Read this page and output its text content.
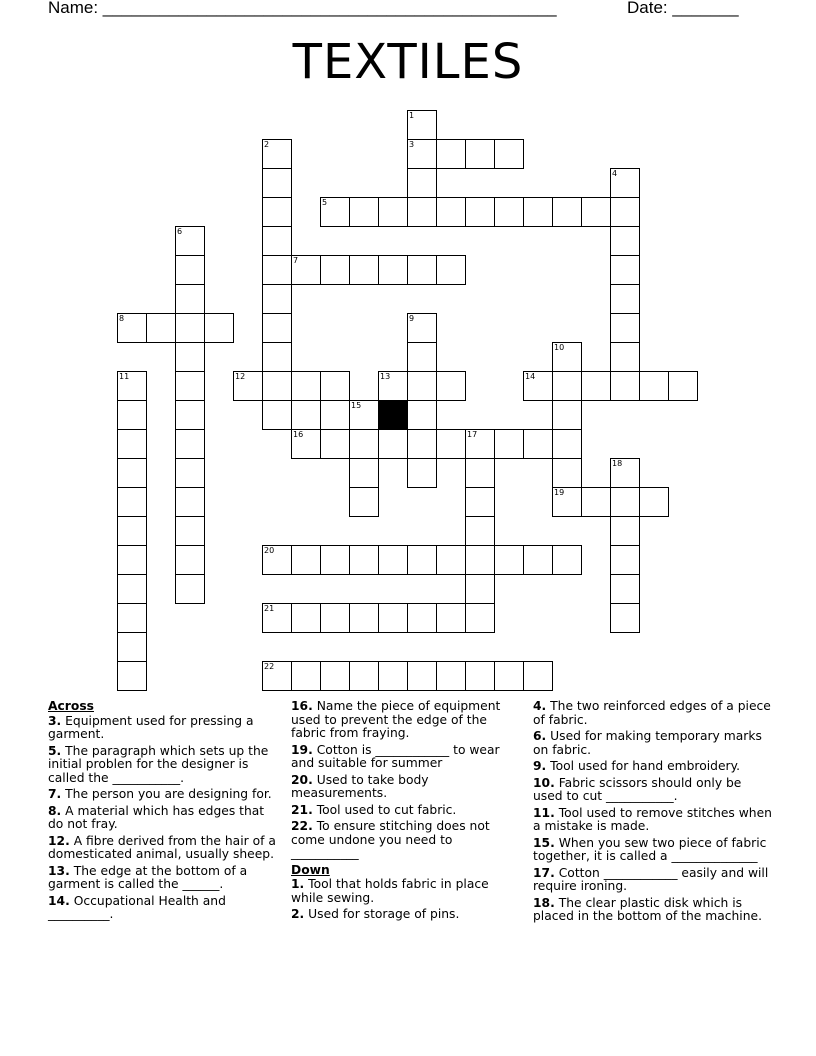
Name: ________________________________________________	Date: _______
TEXTILES
1
3
2
4
5
6
7
8	9
10
11	12	13	14
15
16	17
18
19
20
21
22
Across
3. Equipment used for pressing a garment.
5. The paragraph which sets up the initial problen for the designer is called the ___________.
7. The person you are designing for.
8. A material which has edges that do not fray.
12. A fibre derived from the hair of a domesticated animal, usually sheep.
13. The edge at the bottom of a garment is called the ______.
14. Occupational Health and __________.
16. Name the piece of equipment used to prevent the edge of the fabric from fraying.
19. Cotton is ____________ to wear and suitable for summer
20. Used to take body measurements.
21. Tool used to cut fabric.
22. To ensure stitching does not come undone you need to ___________
Down
1. Tool that holds fabric in place while sewing.
2. Used for storage of pins.
4. The two reinforced edges of a piece of fabric.
6. Used for making temporary marks on fabric.
9. Tool used for hand embroidery.
10. Fabric scissors should only be used to cut ___________.
11. Tool used to remove stitches when a mistake is made.
15. When you sew two piece of fabric together, it is called a ______________
17. Cotton ____________ easily and will require ironing.
18. The clear plastic disk which is placed in the bottom of the machine.
